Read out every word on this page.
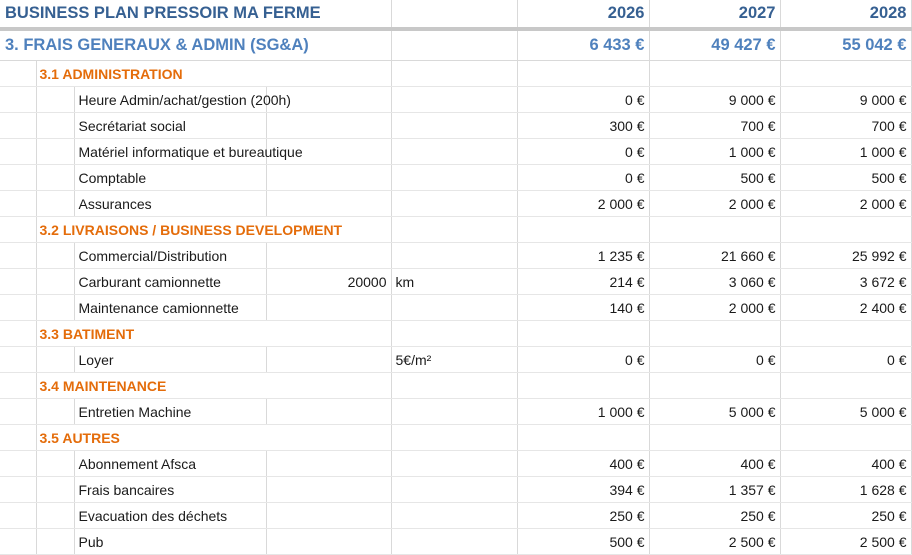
BUSINESS PLAN PRESSOIR MA FERME					2026	2027	2028
3. FRAIS GENERAUX & ADMIN (SG&A)					6 433 €	49 427 €	55 042 €
	3.1 ADMINISTRATION						
		Heure Admin/achat/gestion (200h)			0 €	9 000 €	9 000 €
		Secrétariat social			300 €	700 €	700 €
		Matériel informatique et bureautique			0 €	1 000 €	1 000 €
		Comptable			0 €	500 €	500 €
		Assurances			2 000 €	2 000 €	2 000 €
	3.2 LIVRAISONS / BUSINESS DEVELOPMENT						
		Commercial/Distribution			1 235 €	21 660 €	25 992 €
		Carburant camionnette	20000	km	214 €	3 060 €	3 672 €
		Maintenance camionnette			140 €	2 000 €	2 400 €
	3.3 BATIMENT						
		Loyer		5€/m²	0 €	0 €	0 €
	3.4 MAINTENANCE						
		Entretien Machine			1 000 €	5 000 €	5 000 €
	3.5 AUTRES						
		Abonnement Afsca			400 €	400 €	400 €
		Frais bancaires			394 €	1 357 €	1 628 €
		Evacuation des déchets			250 €	250 €	250 €
		Pub			500 €	2 500 €	2 500 €
